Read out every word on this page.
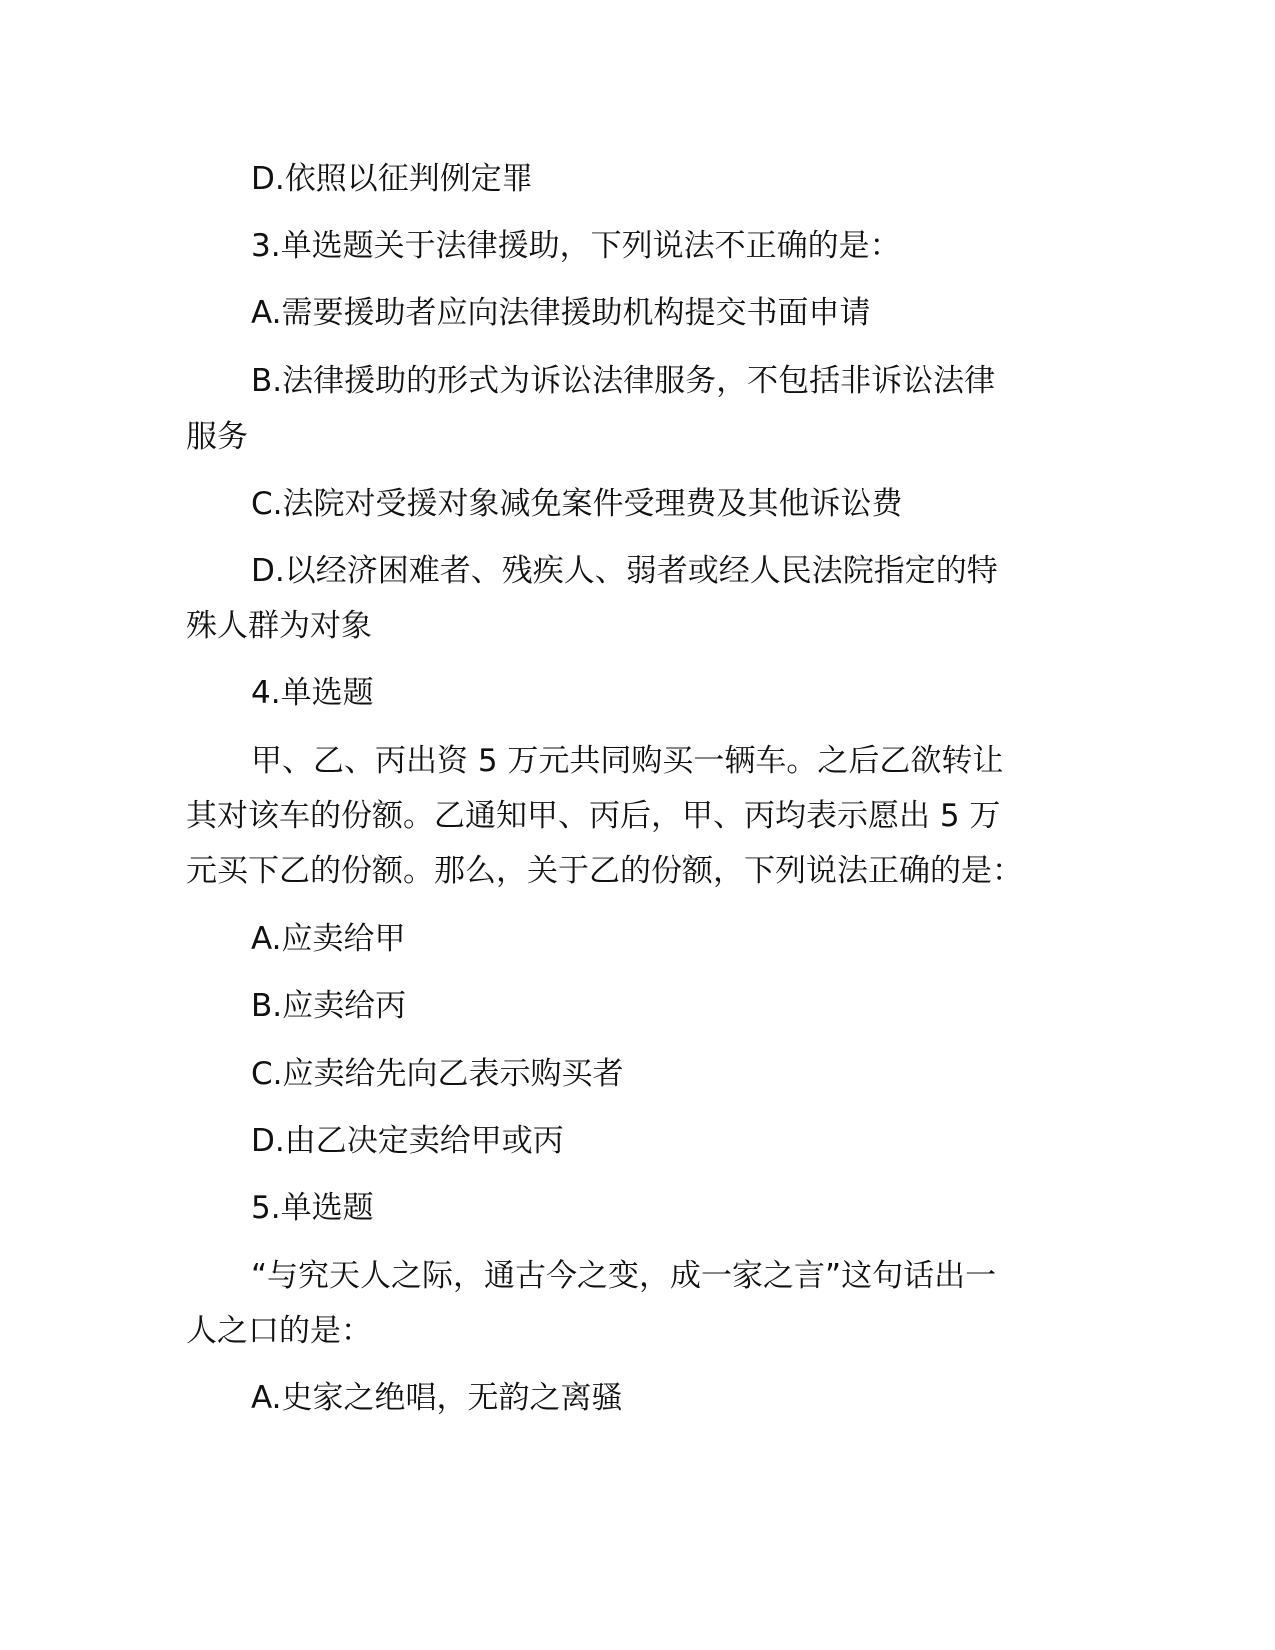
D.依照以征判例定罪
3.单选题关于法律援助，下列说法不正确的是：
A.需要援助者应向法律援助机构提交书面申请
B.法律援助的形式为诉讼法律服务，不包括非诉讼法律
服务
C.法院对受援对象减免案件受理费及其他诉讼费
D.以经济困难者、残疾人、弱者或经人民法院指定的特
殊人群为对象
4.单选题
甲、乙、丙出资 5 万元共同购买一辆车。之后乙欲转让
其对该车的份额。乙通知甲、丙后，甲、丙均表示愿出 5 万
元买下乙的份额。那么，关于乙的份额，下列说法正确的是：
A.应卖给甲
B.应卖给丙
C.应卖给先向乙表示购买者
D.由乙决定卖给甲或丙
5.单选题
“与究天人之际，通古今之变，成一家之言”这句话出一
人之口的是：
A.史家之绝唱，无韵之离骚
